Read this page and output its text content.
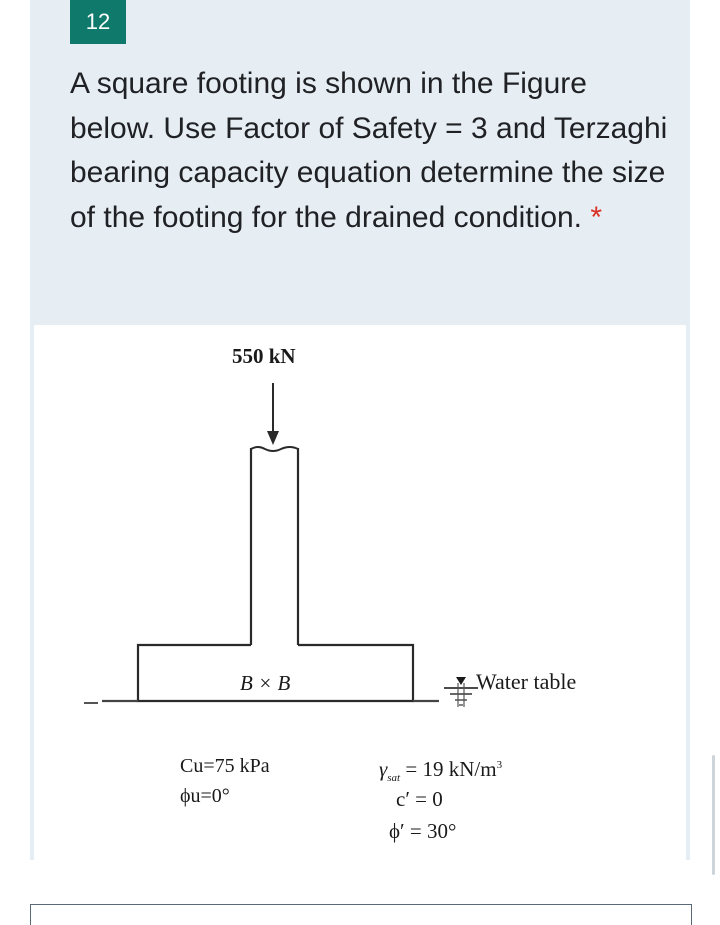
12
A square footing is shown in the Figure below. Use Factor of Safety = 3 and Terzaghi bearing capacity equation determine the size of the footing for the drained condition. *
550 kN
B × B	Water table
Cu=75 kPa
ϕu=0°
$\gamma_{sat} = 19$ $kN/m^3$
c′ = 0
ϕ′ = 30°
